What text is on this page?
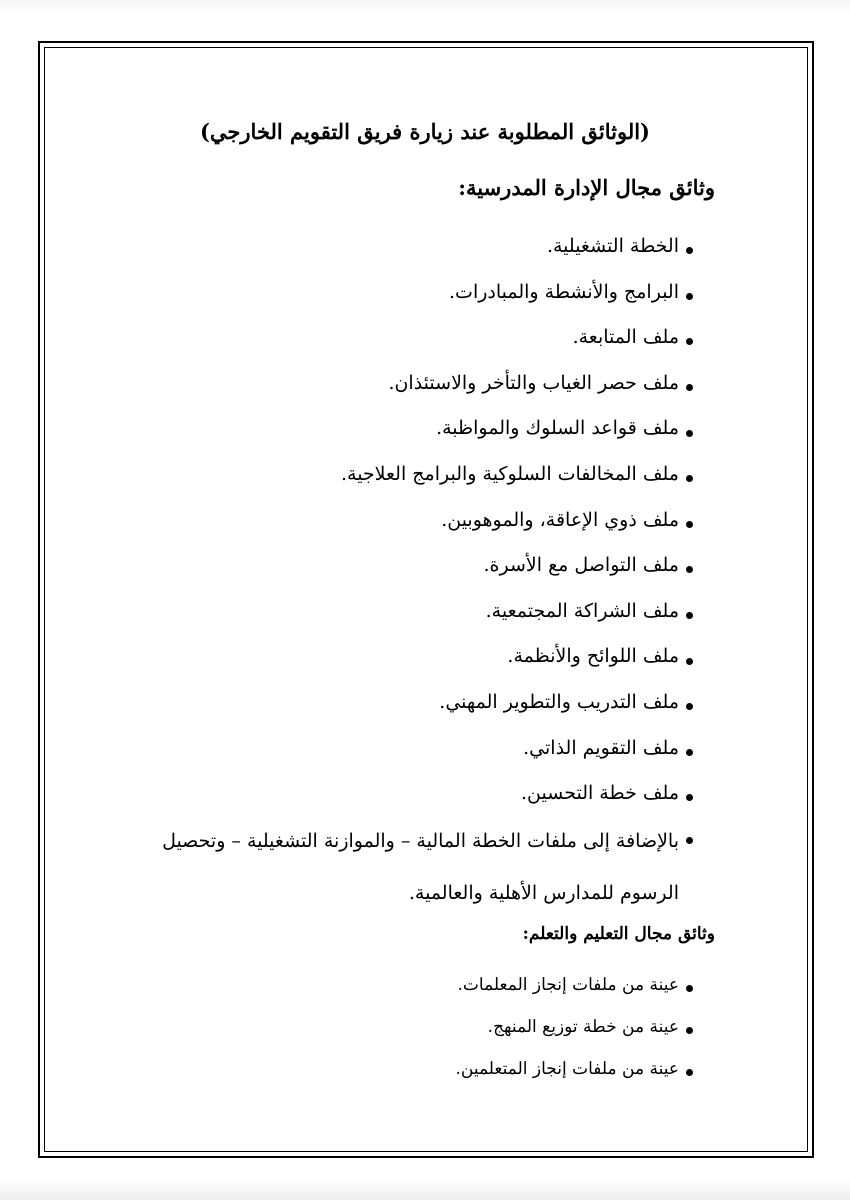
(الوثائق المطلوبة عند زيارة فريق التقويم الخارجي)
وثائق مجال الإدارة المدرسية:
الخطة التشغيلية.
البرامج والأنشطة والمبادرات.
ملف المتابعة.
ملف حصر الغياب والتأخر والاستئذان.
ملف قواعد السلوك والمواظبة.
ملف المخالفات السلوكية والبرامج العلاجية.
ملف ذوي الإعاقة، والموهوبين.
ملف التواصل مع الأسرة.
ملف الشراكة المجتمعية.
ملف اللوائح والأنظمة.
ملف التدريب والتطوير المهني.
ملف التقويم الذاتي.
ملف خطة التحسين.
بالإضافة إلى ملفات الخطة المالية – والموازنة التشغيلية – وتحصيل الرسوم للمدارس الأهلية والعالمية.
وثائق مجال التعليم والتعلم:
عينة من ملفات إنجاز المعلمات.
عينة من خطة توزيع المنهج.
عينة من ملفات إنجاز المتعلمين.
